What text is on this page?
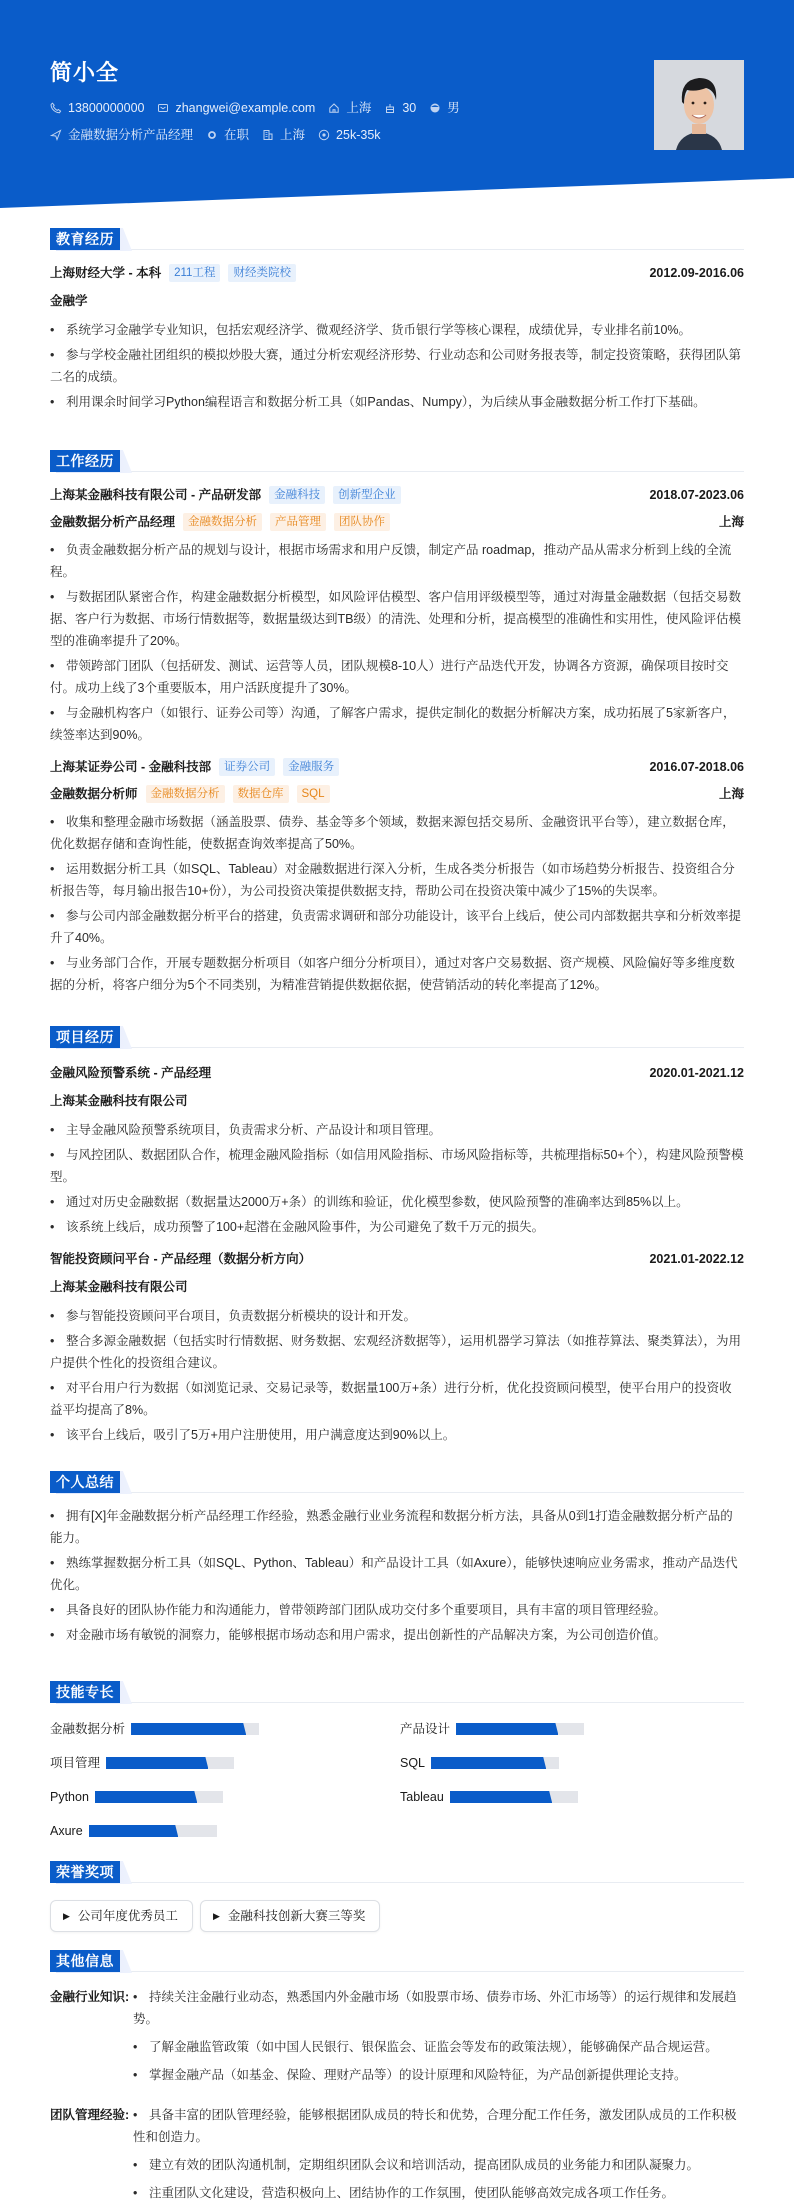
简小全
13800000000 zhangwei@example.com 上海 30 男
金融数据分析产品经理 在职 上海 25k-35k
教育经历
上海财经大学 - 本科	211工程	财经类院校	2012.09-2016.06
金融学
• 系统学习金融学专业知识，包括宏观经济学、微观经济学、货币银行学等核心课程，成绩优异，专业排名前10%。
• 参与学校金融社团组织的模拟炒股大赛，通过分析宏观经济形势、行业动态和公司财务报表等，制定投资策略，获得团队第二名的成绩。
• 利用课余时间学习Python编程语言和数据分析工具（如Pandas、Numpy），为后续从事金融数据分析工作打下基础。
工作经历
上海某金融科技有限公司 - 产品研发部	金融科技	创新型企业	2018.07-2023.06
金融数据分析产品经理	金融数据分析	产品管理	团队协作	上海
• 负责金融数据分析产品的规划与设计，根据市场需求和用户反馈，制定产品 roadmap，推动产品从需求分析到上线的全流程。
• 与数据团队紧密合作，构建金融数据分析模型，如风险评估模型、客户信用评级模型等，通过对海量金融数据（包括交易数据、客户行为数据、市场行情数据等，数据量级达到TB级）的清洗、处理和分析，提高模型的准确性和实用性，使风险评估模型的准确率提升了20%。
• 带领跨部门团队（包括研发、测试、运营等人员，团队规模8-10人）进行产品迭代开发，协调各方资源，确保项目按时交付。成功上线了3个重要版本，用户活跃度提升了30%。
• 与金融机构客户（如银行、证券公司等）沟通，了解客户需求，提供定制化的数据分析解决方案，成功拓展了5家新客户，续签率达到90%。
上海某证券公司 - 金融科技部	证券公司	金融服务	2016.07-2018.06
金融数据分析师	金融数据分析	数据仓库	SQL	上海
• 收集和整理金融市场数据（涵盖股票、债券、基金等多个领域，数据来源包括交易所、金融资讯平台等），建立数据仓库，优化数据存储和查询性能，使数据查询效率提高了50%。
• 运用数据分析工具（如SQL、Tableau）对金融数据进行深入分析，生成各类分析报告（如市场趋势分析报告、投资组合分析报告等，每月输出报告10+份），为公司投资决策提供数据支持，帮助公司在投资决策中减少了15%的失误率。
• 参与公司内部金融数据分析平台的搭建，负责需求调研和部分功能设计，该平台上线后，使公司内部数据共享和分析效率提升了40%。
• 与业务部门合作，开展专题数据分析项目（如客户细分分析项目），通过对客户交易数据、资产规模、风险偏好等多维度数据的分析，将客户细分为5个不同类别，为精准营销提供数据依据，使营销活动的转化率提高了12%。
项目经历
金融风险预警系统 - 产品经理	2020.01-2021.12
上海某金融科技有限公司
• 主导金融风险预警系统项目，负责需求分析、产品设计和项目管理。
• 与风控团队、数据团队合作，梳理金融风险指标（如信用风险指标、市场风险指标等，共梳理指标50+个），构建风险预警模型。
• 通过对历史金融数据（数据量达2000万+条）的训练和验证，优化模型参数，使风险预警的准确率达到85%以上。
• 该系统上线后，成功预警了100+起潜在金融风险事件，为公司避免了数千万元的损失。
智能投资顾问平台 - 产品经理（数据分析方向）	2021.01-2022.12
上海某金融科技有限公司
• 参与智能投资顾问平台项目，负责数据分析模块的设计和开发。
• 整合多源金融数据（包括实时行情数据、财务数据、宏观经济数据等），运用机器学习算法（如推荐算法、聚类算法），为用户提供个性化的投资组合建议。
• 对平台用户行为数据（如浏览记录、交易记录等，数据量100万+条）进行分析，优化投资顾问模型，使平台用户的投资收益平均提高了8%。
• 该平台上线后，吸引了5万+用户注册使用，用户满意度达到90%以上。
个人总结
• 拥有[X]年金融数据分析产品经理工作经验，熟悉金融行业业务流程和数据分析方法，具备从0到1打造金融数据分析产品的能力。
• 熟练掌握数据分析工具（如SQL、Python、Tableau）和产品设计工具（如Axure），能够快速响应业务需求，推动产品迭代优化。
• 具备良好的团队协作能力和沟通能力，曾带领跨部门团队成功交付多个重要项目，具有丰富的项目管理经验。
• 对金融市场有敏锐的洞察力，能够根据市场动态和用户需求，提出创新性的产品解决方案，为公司创造价值。
技能专长
金融数据分析	产品设计
项目管理	SQL
Python	Tableau
Axure
荣誉奖项
▶ 公司年度优秀员工	▶ 金融科技创新大赛三等奖
其他信息
金融行业知识:	• 持续关注金融行业动态，熟悉国内外金融市场（如股票市场、债券市场、外汇市场等）的运行规律和发展趋势。
• 了解金融监管政策（如中国人民银行、银保监会、证监会等发布的政策法规），能够确保产品合规运营。
• 掌握金融产品（如基金、保险、理财产品等）的设计原理和风险特征，为产品创新提供理论支持。
团队管理经验:	• 具备丰富的团队管理经验，能够根据团队成员的特长和优势，合理分配工作任务，激发团队成员的工作积极性和创造力。
• 建立有效的团队沟通机制，定期组织团队会议和培训活动，提高团队成员的业务能力和团队凝聚力。
• 注重团队文化建设，营造积极向上、团结协作的工作氛围，使团队能够高效完成各项工作任务。
